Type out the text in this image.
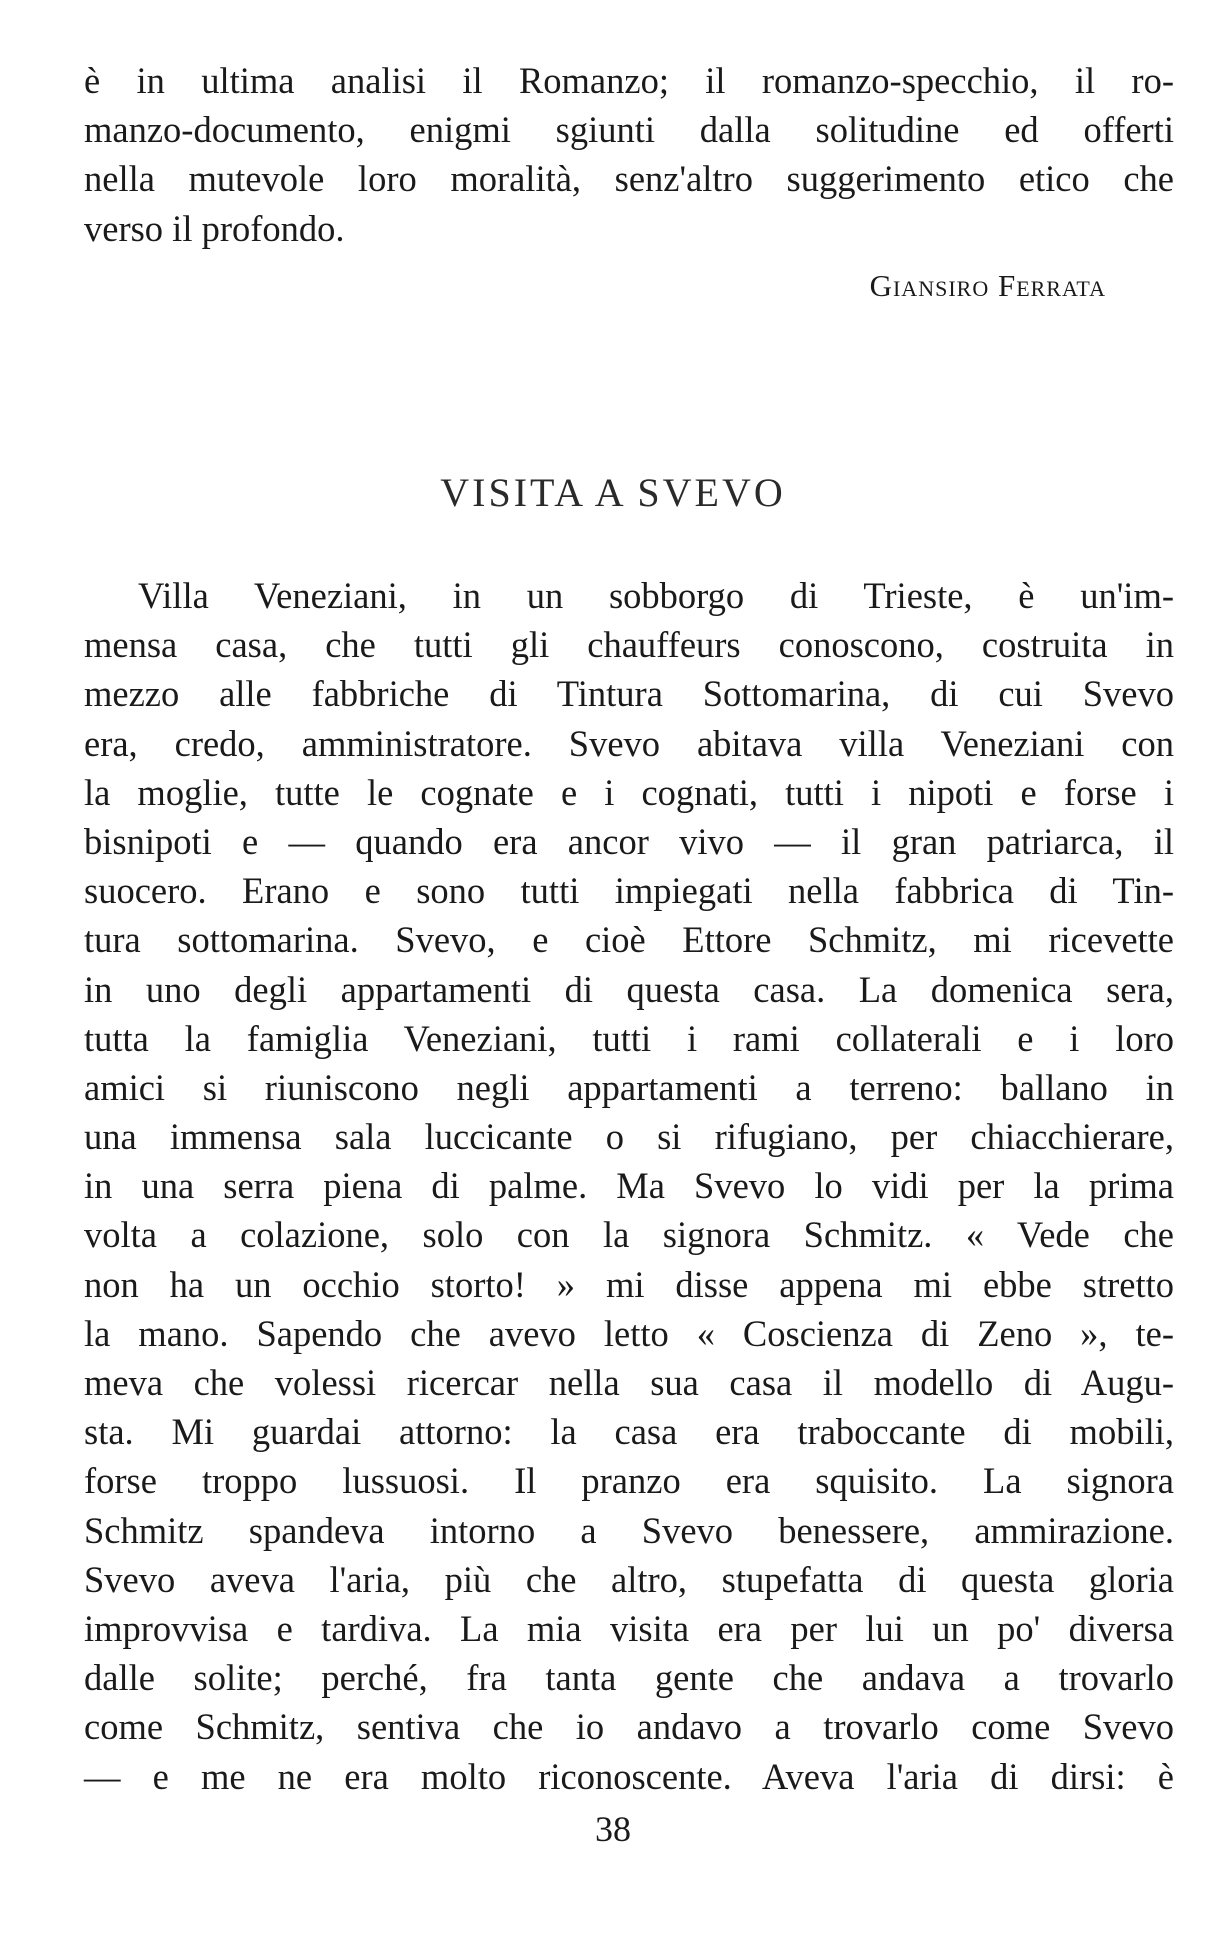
è in ultima analisi il Romanzo; il romanzo-specchio, il ro-
manzo-documento, enigmi sgiunti dalla solitudine ed offerti
nella mutevole loro moralità, senz'altro suggerimento etico che
verso il profondo.
Giansiro Ferrata
VISITA A SVEVO
Villa Veneziani, in un sobborgo di Trieste, è un'im-
mensa casa, che tutti gli chauffeurs conoscono, costruita in
mezzo alle fabbriche di Tintura Sottomarina, di cui Svevo
era, credo, amministratore. Svevo abitava villa Veneziani con
la moglie, tutte le cognate e i cognati, tutti i nipoti e forse i
bisnipoti e — quando era ancor vivo — il gran patriarca, il
suocero. Erano e sono tutti impiegati nella fabbrica di Tin-
tura sottomarina. Svevo, e cioè Ettore Schmitz, mi ricevette
in uno degli appartamenti di questa casa. La domenica sera,
tutta la famiglia Veneziani, tutti i rami collaterali e i loro
amici si riuniscono negli appartamenti a terreno: ballano in
una immensa sala luccicante o si rifugiano, per chiacchierare,
in una serra piena di palme. Ma Svevo lo vidi per la prima
volta a colazione, solo con la signora Schmitz. « Vede che
non ha un occhio storto! » mi disse appena mi ebbe stretto
la mano. Sapendo che avevo letto « Coscienza di Zeno », te-
meva che volessi ricercar nella sua casa il modello di Augu-
sta. Mi guardai attorno: la casa era traboccante di mobili,
forse troppo lussuosi. Il pranzo era squisito. La signora
Schmitz spandeva intorno a Svevo benessere, ammirazione.
Svevo aveva l'aria, più che altro, stupefatta di questa gloria
improvvisa e tardiva. La mia visita era per lui un po' diversa
dalle solite; perché, fra tanta gente che andava a trovarlo
come Schmitz, sentiva che io andavo a trovarlo come Svevo
— e me ne era molto riconoscente. Aveva l'aria di dirsi: è
38
